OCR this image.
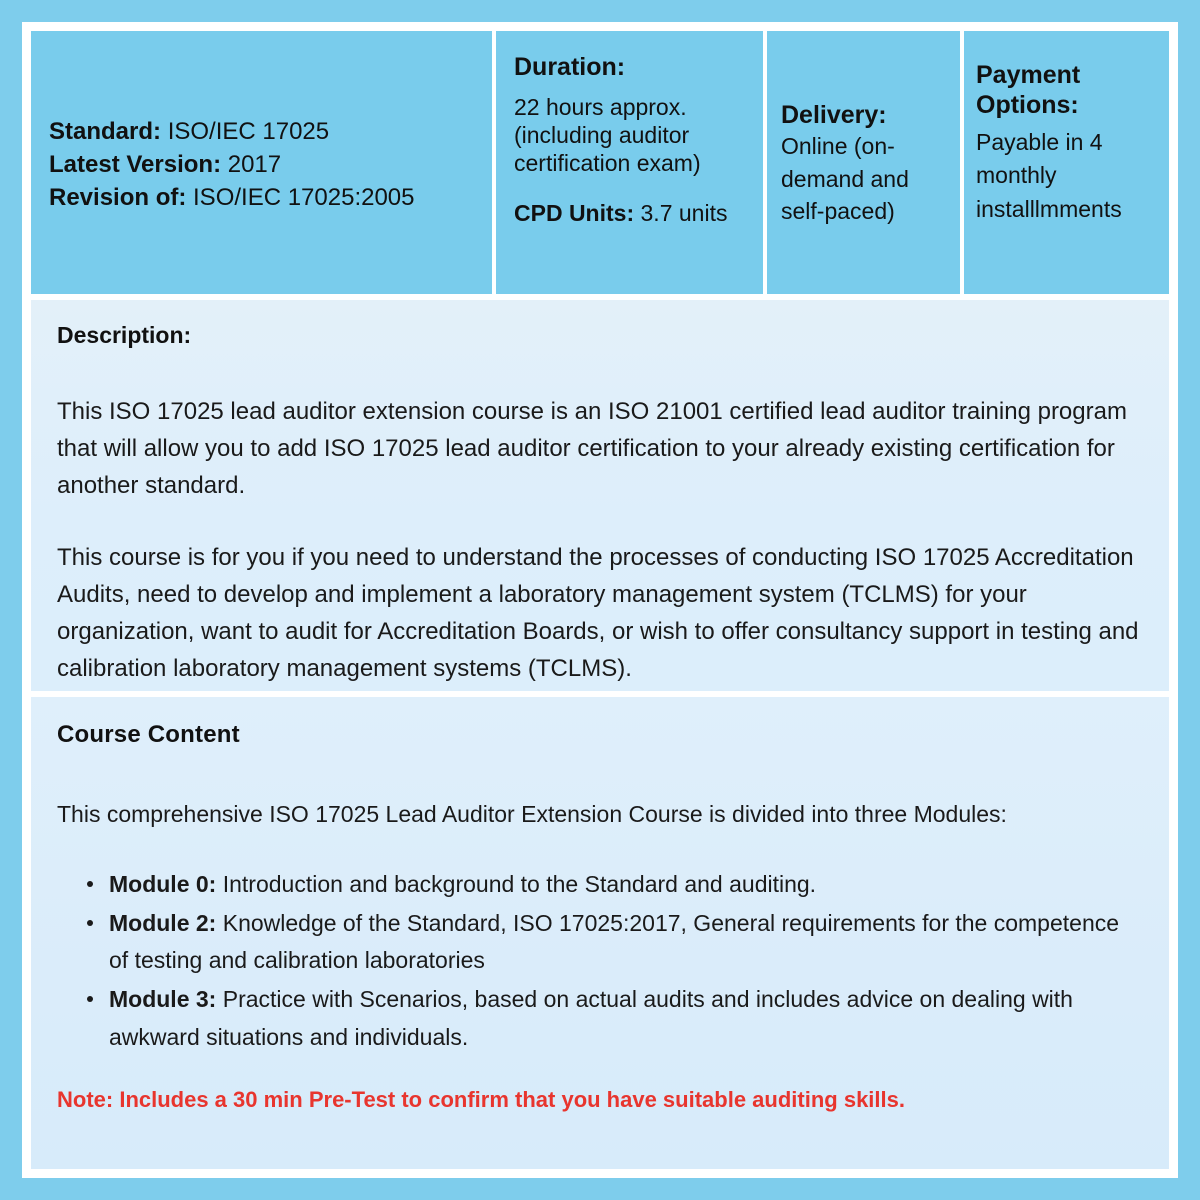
Standard: ISO/IEC 17025
Latest Version: 2017
Revision of: ISO/IEC 17025:2005
Duration:
22 hours approx. (including auditor certification exam)
CPD Units: 3.7 units
Delivery: Online (on-demand and self-paced)
Payment Options:
Payable in 4 monthly installlmments
Description:

This ISO 17025 lead auditor extension course is an ISO 21001 certified lead auditor training program that will allow you to add ISO 17025 lead auditor certification to your already existing certification for another standard.

This course is for you if you need to understand the processes of conducting ISO 17025 Accreditation Audits, need to develop and implement a laboratory management system (TCLMS) for your organization, want to audit for Accreditation Boards, or wish to offer consultancy support in testing and calibration laboratory management systems (TCLMS).

Course Content
This comprehensive ISO 17025 Lead Auditor Extension Course is divided into three Modules:
Module 0: Introduction and background to the Standard and auditing.
Module 2: Knowledge of the Standard, ISO 17025:2017, General requirements for the competence of testing and calibration laboratories
Module 3: Practice with Scenarios, based on actual audits and includes advice on dealing with awkward situations and individuals.
Note: Includes a 30 min Pre-Test to confirm that you have suitable auditing skills.
